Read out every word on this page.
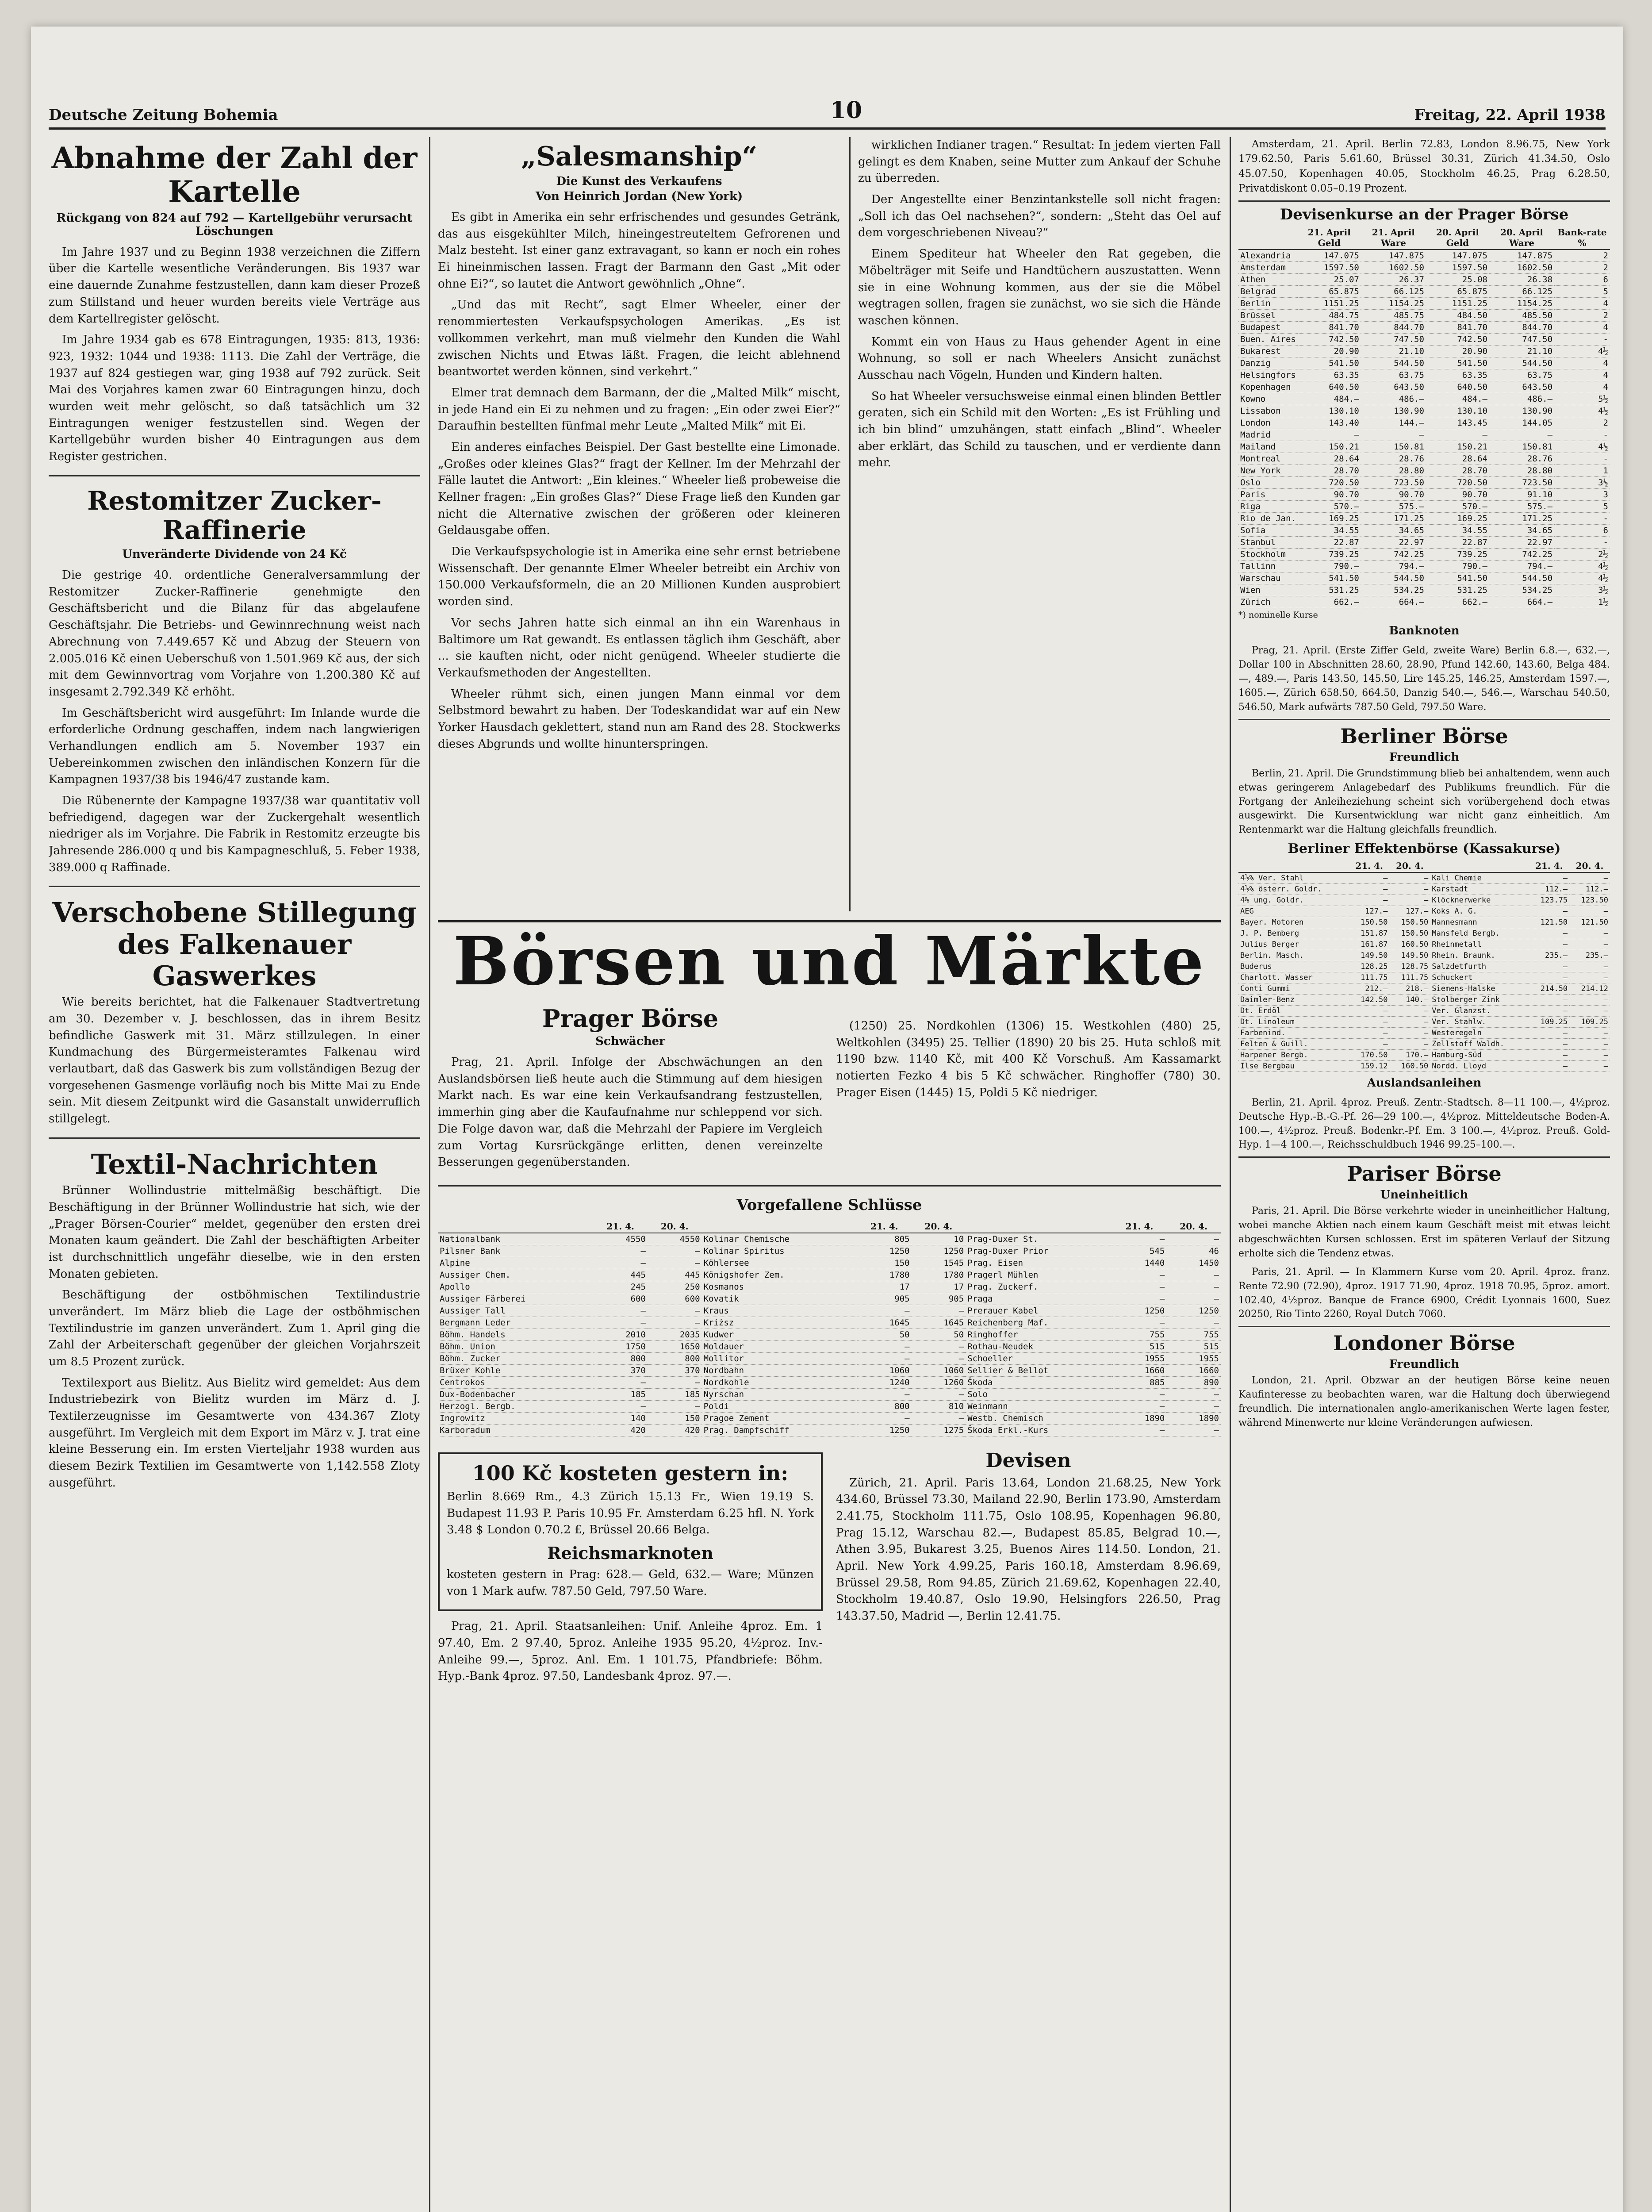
Deutsche Zeitung Bohemia	10	Freitag, 22. April 1938
Abnahme der Zahl der Kartelle
Rückgang von 824 auf 792 — Kartellgebühr verursacht Löschungen

Im Jahre 1937 und zu Beginn 1938 verzeichnen die Ziffern über die Kartelle wesentliche Veränderungen. Bis 1937 war eine dauernde Zunahme festzustellen, dann kam dieser Prozeß zum Stillstand und heuer wurden bereits viele Verträge aus dem Kartellregister gelöscht.

Im Jahre 1934 gab es 678 Eintragungen, 1935: 813, 1936: 923, 1932: 1044 und 1938: 1113. Die Zahl der Verträge, die 1937 auf 824 gestiegen war, ging 1938 auf 792 zurück. Seit Mai des Vorjahres kamen zwar 60 Eintragungen hinzu, doch wurden weit mehr gelöscht, so daß tatsächlich um 32 Eintragungen weniger festzustellen sind. Wegen der Kartellgebühr wurden bisher 40 Eintragungen aus dem Register gestrichen.

Restomitzer Zucker-Raffinerie
Unveränderte Dividende von 24 Kč

Die gestrige 40. ordentliche Generalversammlung der Restomitzer Zucker-Raffinerie genehmigte den Geschäftsbericht und die Bilanz für das abgelaufene Geschäftsjahr. Die Betriebs- und Gewinnrechnung weist nach Abrechnung von 7.449.657 Kč und Abzug der Steuern von 2.005.016 Kč einen Ueberschuß von 1.501.969 Kč aus, der sich mit dem Gewinnvortrag vom Vorjahre von 1.200.380 Kč auf insgesamt 2.792.349 Kč erhöht.

Im Geschäftsbericht wird ausgeführt: Im Inlande wurde die erforderliche Ordnung geschaffen, indem nach langwierigen Verhandlungen endlich am 5. November 1937 ein Uebereinkommen zwischen den inländischen Konzern für die Kampagnen 1937/38 bis 1946/47 zustande kam.

Die Rübenernte der Kampagne 1937/38 war quantitativ voll befriedigend, dagegen war der Zuckergehalt wesentlich niedriger als im Vorjahre. Die Fabrik in Restomitz erzeugte bis Jahresende 286.000 q und bis Kampagneschluß, 5. Feber 1938, 389.000 q Raffinade.

Verschobene Stillegung des Falkenauer Gaswerkes

Wie bereits berichtet, hat die Falkenauer Stadtvertretung am 30. Dezember v. J. beschlossen, das in ihrem Besitz befindliche Gaswerk mit 31. März stillzulegen. In einer Kundmachung des Bürgermeisteramtes Falkenau wird verlautbart, daß das Gaswerk bis zum vollständigen Bezug der vorgesehenen Gasmenge vorläufig noch bis Mitte Mai zu Ende sein. Mit diesem Zeitpunkt wird die Gasanstalt unwiderruflich stillgelegt.

Textil-Nachrichten

Brünner Wollindustrie mittelmäßig beschäftigt. Die Beschäftigung in der Brünner Wollindustrie hat sich, wie der „Prager Börsen-Courier“ meldet, gegenüber den ersten drei Monaten kaum geändert. Die Zahl der beschäftigten Arbeiter ist durchschnittlich ungefähr dieselbe, wie in den ersten Monaten gebieten.

Beschäftigung der ostböhmischen Textilindustrie unverändert. Im März blieb die Lage der ostböhmischen Textilindustrie im ganzen unverändert. Zum 1. April ging die Zahl der Arbeiterschaft gegenüber der gleichen Vorjahrszeit um 8.5 Prozent zurück.

Textilexport aus Bielitz. Aus Bielitz wird gemeldet: Aus dem Industriebezirk von Bielitz wurden im März d. J. Textilerzeugnisse im Gesamtwerte von 434.367 Zloty ausgeführt. Im Vergleich mit dem Export im März v. J. trat eine kleine Besserung ein. Im ersten Vierteljahr 1938 wurden aus diesem Bezirk Textilien im Gesamtwerte von 1,142.558 Zloty ausgeführt.

„Salesmanship“
Die Kunst des Verkaufens
Von Heinrich Jordan (New York)

Es gibt in Amerika ein sehr erfrischendes und gesundes Getränk, das aus eisgekühlter Milch, hineingestreuteltem Gefrorenen und Malz besteht. Ist einer ganz extravagant, so kann er noch ein rohes Ei hineinmischen lassen. Fragt der Barmann den Gast „Mit oder ohne Ei?“, so lautet die Antwort gewöhnlich „Ohne“.

„Und das mit Recht“, sagt Elmer Wheeler, einer der renommiertesten Verkaufspsychologen Amerikas. „Es ist vollkommen verkehrt, man muß vielmehr den Kunden die Wahl zwischen Nichts und Etwas läßt. Fragen, die leicht ablehnend beantwortet werden können, sind verkehrt.“

Elmer trat demnach dem Barmann, der die „Malted Milk“ mischt, in jede Hand ein Ei zu nehmen und zu fragen: „Ein oder zwei Eier?“ Daraufhin bestellten fünfmal mehr Leute „Malted Milk“ mit Ei.

Ein anderes einfaches Beispiel. Der Gast bestellte eine Limonade. „Großes oder kleines Glas?“ fragt der Kellner. Im der Mehrzahl der Fälle lautet die Antwort: „Ein kleines.“ Wheeler ließ probeweise die Kellner fragen: „Ein großes Glas?“ Diese Frage ließ den Kunden gar nicht die Alternative zwischen der größeren oder kleineren Geldausgabe offen.

Die Verkaufspsychologie ist in Amerika eine sehr ernst betriebene Wissenschaft. Der genannte Elmer Wheeler betreibt ein Archiv von 150.000 Verkaufsformeln, die an 20 Millionen Kunden ausprobiert worden sind.

Vor sechs Jahren hatte sich einmal an ihn ein Warenhaus in Baltimore um Rat gewandt. Es entlassen täglich ihm Geschäft, aber ... sie kauften nicht, oder nicht genügend. Wheeler studierte die Verkaufsmethoden der Angestellten.

Wheeler rühmt sich, einen jungen Mann einmal vor dem Selbstmord bewahrt zu haben. Der Todeskandidat war auf ein New Yorker Hausdach geklettert, stand nun am Rand des 28. Stockwerks dieses Abgrunds und wollte hinunterspringen.

wirklichen Indianer tragen.“ Resultat: In jedem vierten Fall gelingt es dem Knaben, seine Mutter zum Ankauf der Schuhe zu überreden.

Der Angestellte einer Benzintankstelle soll nicht fragen: „Soll ich das Oel nachsehen?“, sondern: „Steht das Oel auf dem vorgeschriebenen Niveau?“

Einem Spediteur hat Wheeler den Rat gegeben, die Möbelträger mit Seife und Handtüchern auszustatten. Wenn sie in eine Wohnung kommen, aus der sie die Möbel wegtragen sollen, fragen sie zunächst, wo sie sich die Hände waschen können.

Kommt ein von Haus zu Haus gehender Agent in eine Wohnung, so soll er nach Wheelers Ansicht zunächst Ausschau nach Vögeln, Hunden und Kindern halten.

So hat Wheeler versuchsweise einmal einen blinden Bettler geraten, sich ein Schild mit den Worten: „Es ist Frühling und ich bin blind“ umzuhängen, statt einfach „Blind“. Wheeler aber erklärt, das Schild zu tauschen, und er verdiente dann mehr.

Börsen und Märkte
Prager Börse
Schwächer

Prag, 21. April. Infolge der Abschwächungen an den Auslandsbörsen ließ heute auch die Stimmung auf dem hiesigen Markt nach. Es war eine kein Verkaufsandrang festzustellen, immerhin ging aber die Kaufaufnahme nur schleppend vor sich. Die Folge davon war, daß die Mehrzahl der Papiere im Vergleich zum Vortag Kursrückgänge erlitten, denen vereinzelte Besserungen gegenüberstanden.

(1250) 25. Nordkohlen (1306) 15. Westkohlen (480) 25, Weltkohlen (3495) 25. Tellier (1890) 20 bis 25. Huta schloß mit 1190 bzw. 1140 Kč, mit 400 Kč Vorschuß. Am Kassamarkt notierten Fezko 4 bis 5 Kč schwächer. Ringhoffer (780) 30. Prager Eisen (1445) 15, Poldi 5 Kč niedriger.

Vorgefallene Schlüsse
	21. 4.	20. 4.		21. 4.	20. 4.		21. 4.	20. 4.
Nationalbank	4550	4550	Kolinar Chemische	805	10	Prag-Duxer St.	—	—
Pilsner Bank	—	—	Kolinar Spiritus	1250	1250	Prag-Duxer Prior	545	46
Alpine	—	—	Köhlersee	150	1545	Prag. Eisen	1440	1450
Aussiger Chem.	445	445	Königshofer Zem.	1780	1780	Pragerl Mühlen	—	—
Apollo	245	250	Kosmanos	17	17	Prag. Zuckerf.	—	—
Aussiger Färberei	600	600	Kovatik	905	905	Praga	—	—
Aussiger Tall	—	—	Kraus	—	—	Prerauer Kabel	1250	1250
Bergmann Leder	—	—	Kriższ	1645	1645	Reichenberg Maf.	—	—
Böhm. Handels	2010	2035	Kudwer	50	50	Ringhoffer	755	755
Böhm. Union	1750	1650	Moldauer	—	—	Rothau-Neudek	515	515
Böhm. Zucker	800	800	Mollitor	—	—	Schoeller	1955	1955
Brüxer Kohle	370	370	Nordbahn	1060	1060	Sellier & Bellot	1660	1660
Centrokos	—	—	Nordkohle	1240	1260	Škoda	885	890
Dux-Bodenbacher	185	185	Nyrschan	—	—	Solo	—	—
Herzogl. Bergb.	—	—	Poldi	800	810	Weinmann	—	—
Ingrowitz	140	150	Pragoe Zement	—	—	Westb. Chemisch	1890	1890
Karboradum	420	420	Prag. Dampfschiff	1250	1275	Škoda Erkl.-Kurs	—	—
100 Kč kosteten gestern in:

Berlin 8.669 Rm., 4.3 Zürich 15.13 Fr., Wien 19.19 S. Budapest 11.93 P. Paris 10.95 Fr. Amsterdam 6.25 hfl. N. York 3.48 $ London 0.70.2 £, Brüssel 20.66 Belga.

Reichsmarknoten

kosteten gestern in Prag: 628.— Geld, 632.— Ware; Münzen von 1 Mark aufw. 787.50 Geld, 797.50 Ware.

Prag, 21. April. Staatsanleihen: Unif. Anleihe 4proz. Em. 1 97.40, Em. 2 97.40, 5proz. Anleihe 1935 95.20, 4½proz. Inv.-Anleihe 99.—, 5proz. Anl. Em. 1 101.75, Pfandbriefe: Böhm. Hyp.-Bank 4proz. 97.50, Landesbank 4proz. 97.—.

Devisen

Zürich, 21. April. Paris 13.64, London 21.68.25, New York 434.60, Brüssel 73.30, Mailand 22.90, Berlin 173.90, Amsterdam 2.41.75, Stockholm 111.75, Oslo 108.95, Kopenhagen 96.80, Prag 15.12, Warschau 82.—, Budapest 85.85, Belgrad 10.—, Athen 3.95, Bukarest 3.25, Buenos Aires 114.50. London, 21. April. New York 4.99.25, Paris 160.18, Amsterdam 8.96.69, Brüssel 29.58, Rom 94.85, Zürich 21.69.62, Kopenhagen 22.40, Stockholm 19.40.87, Oslo 19.90, Helsingfors 226.50, Prag 143.37.50, Madrid —, Berlin 12.41.75.

Amsterdam, 21. April. Berlin 72.83, London 8.96.75, New York 179.62.50, Paris 5.61.60, Brüssel 30.31, Zürich 41.34.50, Oslo 45.07.50, Kopenhagen 40.05, Stockholm 46.25, Prag 6.28.50, Privatdiskont 0.05–0.19 Prozent.

Devisenkurse an der Prager Börse
	21. April Geld	21. April Ware	20. April Geld	20. April Ware	Bank-rate %
Alexandria	147.075	147.875	147.075	147.875	2
Amsterdam	1597.50	1602.50	1597.50	1602.50	2
Athen	25.07	26.37	25.08	26.38	6
Belgrad	65.875	66.125	65.875	66.125	5
Berlin	1151.25	1154.25	1151.25	1154.25	4
Brüssel	484.75	485.75	484.50	485.50	2
Budapest	841.70	844.70	841.70	844.70	4
Buen. Aires	742.50	747.50	742.50	747.50	-
Bukarest	20.90	21.10	20.90	21.10	4½
Danzig	541.50	544.50	541.50	544.50	4
Helsingfors	63.35	63.75	63.35	63.75	4
Kopenhagen	640.50	643.50	640.50	643.50	4
Kowno	484.—	486.—	484.—	486.—	5½
Lissabon	130.10	130.90	130.10	130.90	4½
London	143.40	144.—	143.45	144.05	2
Madrid	—	—	—	—	-
Mailand	150.21	150.81	150.21	150.81	4½
Montreal	28.64	28.76	28.64	28.76	-
New York	28.70	28.80	28.70	28.80	1
Oslo	720.50	723.50	720.50	723.50	3½
Paris	90.70	90.70	90.70	91.10	3
Riga	570.—	575.—	570.—	575.—	5
Rio de Jan.	169.25	171.25	169.25	171.25	-
Sofia	34.55	34.65	34.55	34.65	6
Stanbul	22.87	22.97	22.87	22.97	-
Stockholm	739.25	742.25	739.25	742.25	2½
Tallinn	790.—	794.—	790.—	794.—	4½
Warschau	541.50	544.50	541.50	544.50	4½
Wien	531.25	534.25	531.25	534.25	3½
Zürich	662.—	664.—	662.—	664.—	1½
*) nominelle Kurse
Banknoten

Prag, 21. April. (Erste Ziffer Geld, zweite Ware) Berlin 6.8.—, 632.—, Dollar 100 in Abschnitten 28.60, 28.90, Pfund 142.60, 143.60, Belga 484.—, 489.—, Paris 143.50, 145.50, Lire 145.25, 146.25, Amsterdam 1597.—, 1605.—, Zürich 658.50, 664.50, Danzig 540.—, 546.—, Warschau 540.50, 546.50, Mark aufwärts 787.50 Geld, 797.50 Ware.

Berliner Börse
Freundlich

Berlin, 21. April. Die Grundstimmung blieb bei anhaltendem, wenn auch etwas geringerem Anlagebedarf des Publikums freundlich. Für die Fortgang der Anleiheziehung scheint sich vorübergehend doch etwas ausgewirkt. Die Kursentwicklung war nicht ganz einheitlich. Am Rentenmarkt war die Haltung gleichfalls freundlich.

Berliner Effektenbörse (Kassakurse)
	21. 4.	20. 4.		21. 4.	20. 4.
4½% Ver. Stahl	—	—	Kali Chemie	—	—
4½% österr. Goldr.	—	—	Karstadt	112.—	112.—
4% ung. Goldr.	—	—	Klöcknerwerke	123.75	123.50
AEG	127.—	127.—	Koks A. G.	—	—
Bayer. Motoren	150.50	150.50	Mannesmann	121.50	121.50
J. P. Bemberg	151.87	150.50	Mansfeld Bergb.	—	—
Julius Berger	161.87	160.50	Rheinmetall	—	—
Berlin. Masch.	149.50	149.50	Rhein. Braunk.	235.—	235.—
Buderus	128.25	128.75	Salzdetfurth	—	—
Charlott. Wasser	111.75	111.75	Schuckert	—	—
Conti Gummi	212.—	218.—	Siemens-Halske	214.50	214.12
Daimler-Benz	142.50	140.—	Stolberger Zink	—	—
Dt. Erdöl	—	—	Ver. Glanzst.	—	—
Dt. Linoleum	—	—	Ver. Stahlw.	109.25	109.25
Farbenind.	—	—	Westeregeln	—	—
Felten & Guill.	—	—	Zellstoff Waldh.	—	—
Harpener Bergb.	170.50	170.—	Hamburg-Süd	—	—
Ilse Bergbau	159.12	160.50	Nordd. Lloyd	—	—
Auslandsanleihen

Berlin, 21. April. 4proz. Preuß. Zentr.-Stadtsch. 8—11 100.—, 4½proz. Deutsche Hyp.-B.-G.-Pf. 26—29 100.—, 4½proz. Mitteldeutsche Boden-A. 100.—, 4½proz. Preuß. Bodenkr.-Pf. Em. 3 100.—, 4½proz. Preuß. Gold-Hyp. 1—4 100.—, Reichsschuldbuch 1946 99.25–100.—.

Pariser Börse
Uneinheitlich

Paris, 21. April. Die Börse verkehrte wieder in uneinheitlicher Haltung, wobei manche Aktien nach einem kaum Geschäft meist mit etwas leicht abgeschwächten Kursen schlossen. Erst im späteren Verlauf der Sitzung erholte sich die Tendenz etwas.

Paris, 21. April. — In Klammern Kurse vom 20. April. 4proz. franz. Rente 72.90 (72.90), 4proz. 1917 71.90, 4proz. 1918 70.95, 5proz. amort. 102.40, 4½proz. Banque de France 6900, Crédit Lyonnais 1600, Suez 20250, Rio Tinto 2260, Royal Dutch 7060.

Londoner Börse
Freundlich

London, 21. April. Obzwar an der heutigen Börse keine neuen Kaufinteresse zu beobachten waren, war die Haltung doch überwiegend freundlich. Die internationalen anglo-amerikanischen Werte lagen fester, während Minenwerte nur kleine Veränderungen aufwiesen.
